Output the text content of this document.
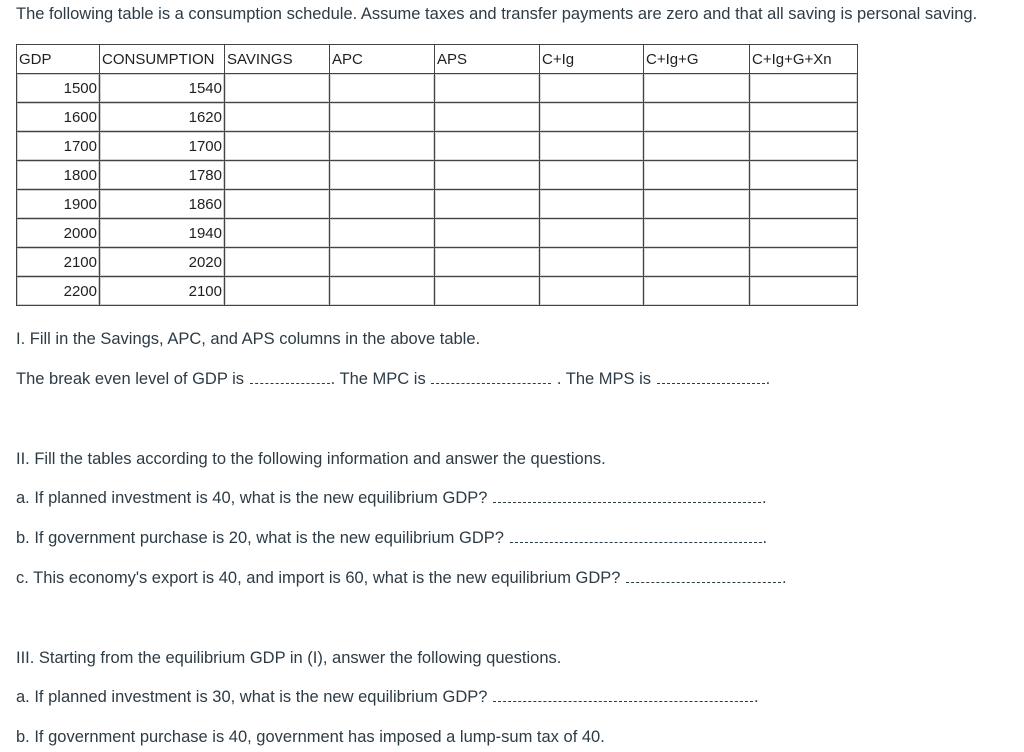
The following table is a consumption schedule. Assume taxes and transfer payments are zero and that all saving is personal saving.
GDP	CONSUMPTION	SAVINGS	APC	APS	C+Ig	C+Ig+G	C+Ig+G+Xn
1500	1540						
1600	1620						
1700	1700						
1800	1780						
1900	1860						
2000	1940						
2100	2020						
2200	2100						
I. Fill in the Savings, APC, and APS columns in the above table.
The break even level of GDP is	. The MPC is	. The MPS is	.
II. Fill the tables according to the following information and answer the questions.
a. If planned investment is 40, what is the new equilibrium GDP?	.
b. If government purchase is 20, what is the new equilibrium GDP?	.
c. This economy's export is 40, and import is 60, what is the new equilibrium GDP?	.
III. Starting from the equilibrium GDP in (I), answer the following questions.
a. If planned investment is 30, what is the new equilibrium GDP?	.
b. If government purchase is 40, government has imposed a lump-sum tax of 40.
